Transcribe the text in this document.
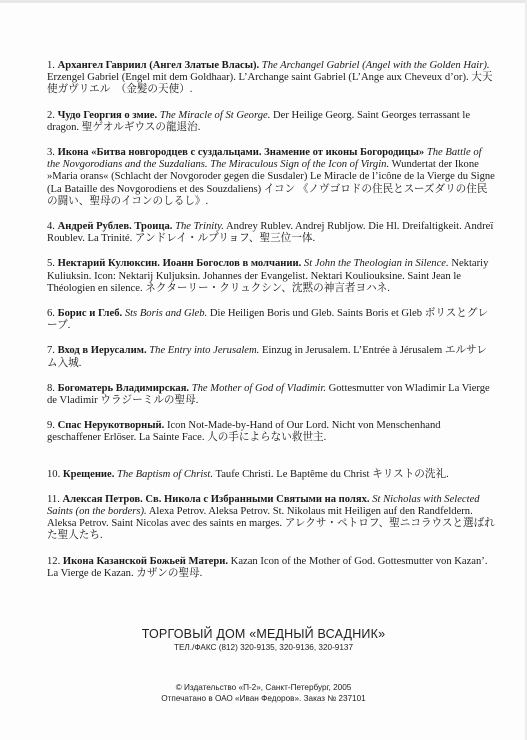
1. Архангел Гавриил (Ангел Златые Власы). The Archangel Gabriel (Angel with the Golden Hair). Erzengel Gabriel (Engel mit dem Goldhaar). L’Archange saint Gabriel (L’Ange aux Cheveux d’or). 大天使ガヴリエル　（金髪の天使）.
2. Чудо Георгия о змие. The Miracle of St George. Der Heilige Georg. Saint Georges terrassant le dragon. 聖ゲオルギウスの龍退治.
3. Икона «Битва новгородцев с суздальцами. Знамение от иконы Богородицы» The Battle of the Novgorodians and the Suzdalians. The Miraculous Sign of the Icon of Virgin. Wundertat der Ikone »Maria orans« (Schlacht der Novgoroder gegen die Susdaler) Le Miracle de l’icône de la Vierge du Signe (La Bataille des Novgorodiens et des Souzdaliens) イコン 《ノヴゴロドの住民とスーズダリの住民の闘い、聖母のイコンのしるし》.
4. Андрей Рублев. Троица. The Trinity. Andrey Rublev. Andrej Rubljow. Die Hl. Dreifaltigkeit. Andreï Roublev. La Trinité. アンドレイ・ルブリョフ、聖三位一体.
5. Нектарий Кулюксин. Иоанн Богослов в молчании. St John the Theologian in Silence. Nektariy Kuliuksin. Icon: Nektarij Kuljuksin. Johannes der Evangelist. Nektari Kouliouksine. Saint Jean le Théologien en silence. ネクターリー・クリュクシン、沈黙の神言者ヨハネ.
6. Борис и Глеб. Sts Boris and Gleb. Die Heiligen Boris und Gleb. Saints Boris et Gleb ボリスとグレーブ.
7. Вход в Иерусалим. The Entry into Jerusalem. Einzug in Jerusalem. L’Entrée à Jérusalem エルサレム入城.
8. Богоматерь Владимирская. The Mother of God of Vladimir. Gottesmutter von Wladimir La Vierge de Vladimir ウラジーミルの聖母.
9. Спас Нерукотворный. Icon Not-Made-by-Hand of Our Lord. Nicht von Menschenhand geschaffener Erlöser. La Sainte Face. 人の手によらない救世主.
10. Крещение. The Baptism of Christ. Taufe Christi. Le Baptême du Christ キリストの洗礼.
11. Алексая Петров. Св. Никола с Избранными Святыми на полях. St Nicholas with Selected Saints (on the borders). Alexa Petrov. Aleksa Petrov. St. Nikolaus mit Heiligen auf den Randfeldern. Aleksa Petrov. Saint Nicolas avec des saints en marges. アレクサ・ペトロフ、聖ニコラウスと選ばれた聖人たち.
12. Икона Казанской Божьей Матери. Kazan Icon of the Mother of God. Gottesmutter von Kazan’. La Vierge de Kazan. カザンの聖母.
ТОРГОВЫЙ ДОМ «МЕДНЫЙ ВСАДНИК»
ТЕЛ./ФАКС (812) 320-9135, 320-9136, 320-9137
© Издательство «П-2», Санкт-Петербург, 2005
Отпечатано в ОАО «Иван Федоров». Заказ № 237101
